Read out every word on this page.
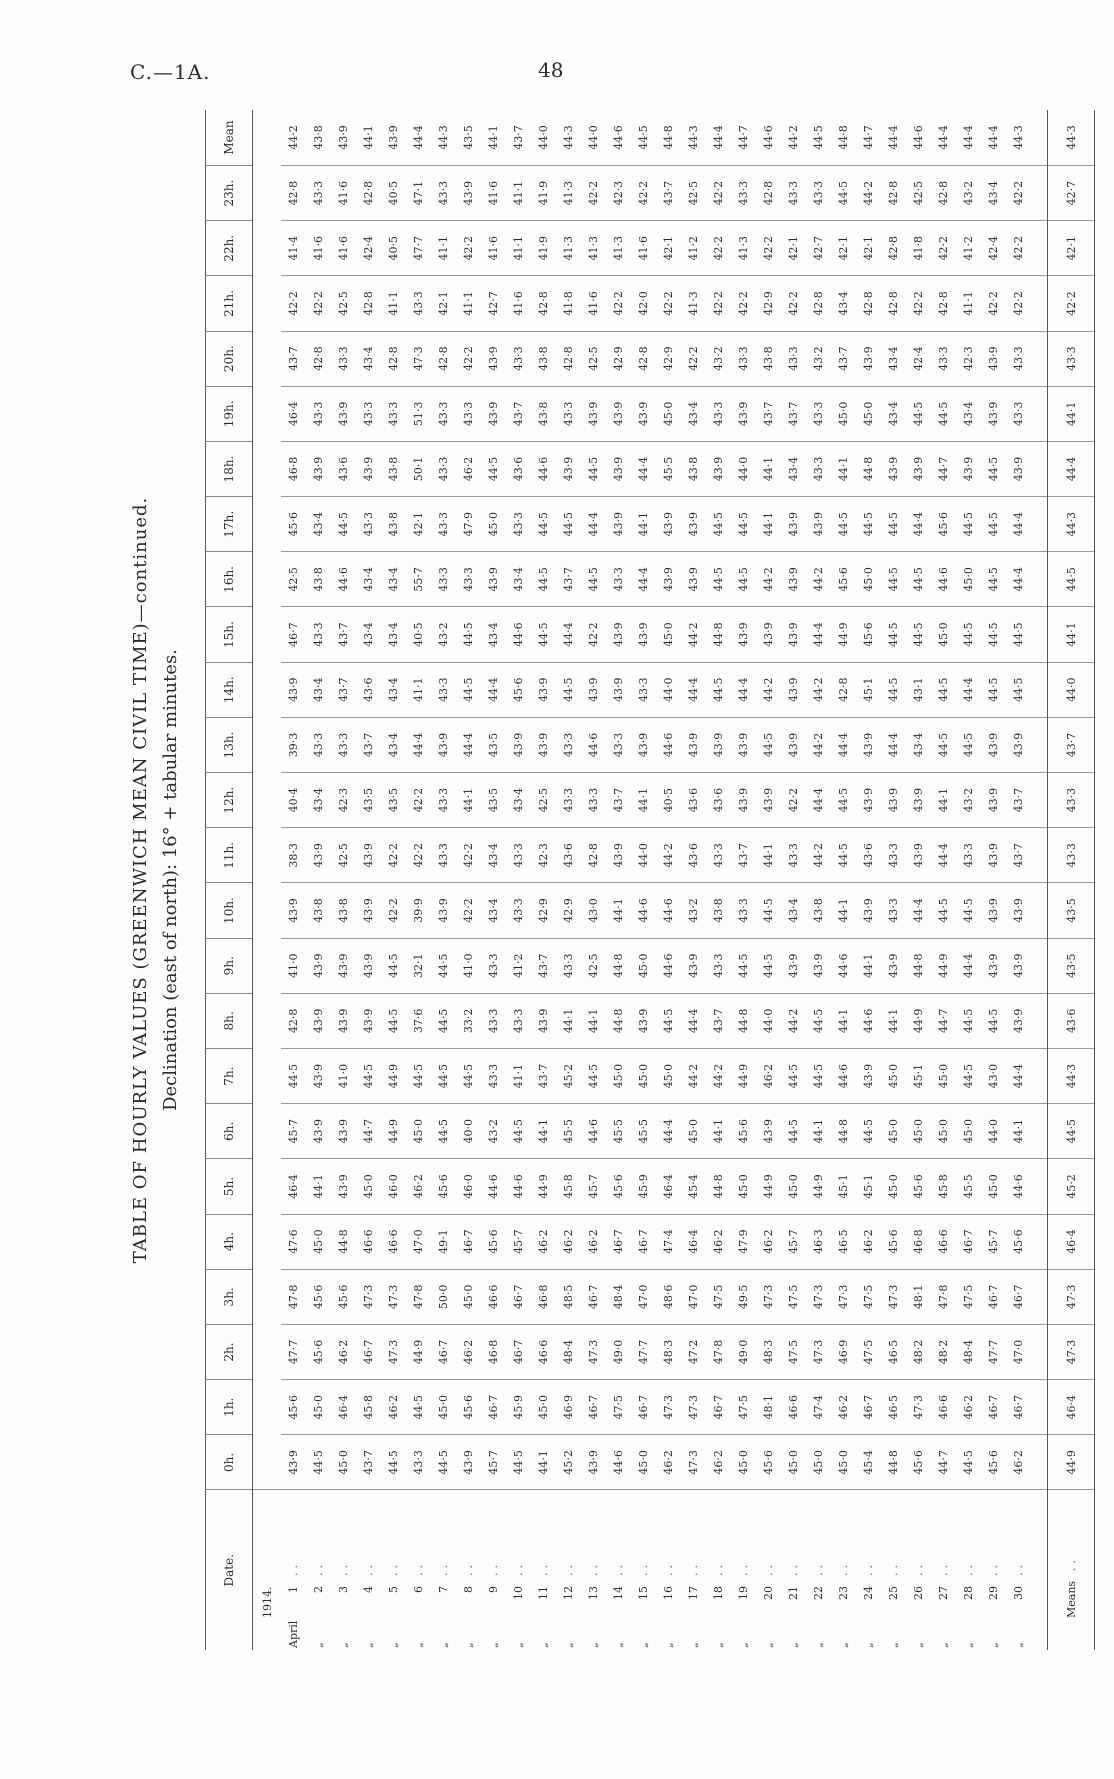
C.—1A.	48
TABLE OF HOURLY VALUES (GREENWICH MEAN CIVIL TIME)—continued. Declination (east of north): 16° + tabular minutes.
Date.	0h.	1h.	2h.	3h.	4h.	5h.	6h.	7h.	8h.	9h.	10h.	11h.	12h.	13h.	14h.	15h.	16h.	17h.	18h.	19h.	20h.	21h.	22h.	23h.	Mean
1914.																									
April1..	43·9	45·6	47·7	47·8	47·6	46·4	45·7	44·5	42·8	41·0	43·9	38·3	40·4	39·3	43·9	46·7	42·5	45·6	46·8	46·4	43·7	42·2	41·4	42·8	44·2
„2..	44·5	45·0	45·6	45·6	45·0	44·1	43·9	43·9	43·9	43·9	43·8	43·9	43·4	43·3	43·4	43·3	43·8	43·4	43·9	43·3	42·8	42·2	41·6	43·3	43·8
„3..	45·0	46·4	46·2	45·6	44·8	43·9	43·9	41·0	43·9	43·9	43·8	42·5	42·3	43·3	43·7	43·7	44·6	44·5	43·6	43·9	43·3	42·5	41·6	41·6	43·9
„4..	43·7	45·8	46·7	47·3	46·6	45·0	44·7	44·5	43·9	43·9	43·9	43·9	43·5	43·7	43·6	43·4	43·4	43·3	43·9	43·3	43·4	42·8	42·4	42·8	44·1
„5..	44·5	46·2	47·3	47·3	46·6	46·0	44·9	44·9	44·5	44·5	42·2	42·2	43·5	43·4	43·4	43·4	43·4	43·8	43·8	43·3	42·8	41·1	40·5	40·5	43·9
„6..	43·3	44·5	44·9	47·8	47·0	46·2	45·0	44·5	37·6	32·1	39·9	42·2	42·2	44·4	41·1	40·5	55·7	42·1	50·1	51·3	47·3	43·3	47·7	47·1	44·4
„7..	44·5	45·0	46·7	50·0	49·1	45·6	44·5	44·5	44·5	44·5	43·9	43·3	43·3	43·9	43·3	43·2	43·3	43·3	43·3	43·3	42·8	42·1	41·1	43·3	44·3
„8..	43·9	45·6	46·2	45·0	46·7	46·0	40·0	44·5	33·2	41·0	42·2	42·2	44·1	44·4	44·5	44·5	43·3	47·9	46·2	43·3	42·2	41·1	42·2	43·9	43·5
„9..	45·7	46·7	46·8	46·6	45·6	44·6	43·2	43·3	43·3	43·3	43·4	43·4	43·5	43·5	44·4	43·4	43·9	45·0	44·5	43·9	43·9	42·7	41·6	41·6	44·1
„10..	44·5	45·9	46·7	46·7	45·7	44·6	44·5	41·1	43·3	41·2	43·3	43·3	43·4	43·9	45·6	44·6	43·4	43·3	43·6	43·7	43·3	41·6	41·1	41·1	43·7
„11..	44·1	45·0	46·6	46·8	46·2	44·9	44·1	43·7	43·9	43·7	42·9	42·3	42·5	43·9	43·9	44·5	44·5	44·5	44·6	43·8	43·8	42·8	41·9	41·9	44·0
„12..	45·2	46·9	48·4	48·5	46·2	45·8	45·5	45·2	44·1	43·3	42·9	43·6	43·3	43·3	44·5	44·4	43·7	44·5	43·9	43·3	42·8	41·8	41·3	41·3	44·3
„13..	43·9	46·7	47·3	46·7	46·2	45·7	44·6	44·5	44·1	42·5	43·0	42·8	43·3	44·6	43·9	42·2	44·5	44·4	44·5	43·9	42·5	41·6	41·3	42·2	44·0
„14..	44·6	47·5	49·0	48·4	46·7	45·6	45·5	45·0	44·8	44·8	44·1	43·9	43·7	43·3	43·9	43·9	43·3	43·9	43·9	43·9	42·9	42·2	41·3	42·3	44·6
„15..	45·0	46·7	47·7	47·0	46·7	45·9	45·5	45·0	43·9	45·0	44·6	44·0	44·1	43·9	43·3	43·9	44·4	44·1	44·4	43·9	42·8	42·0	41·6	42·2	44·5
„16..	46·2	47·3	48·3	48·6	47·4	46·4	44·4	45·0	44·5	44·6	44·6	44·2	40·5	44·6	44·0	45·0	43·9	43·9	45·5	45·0	42·9	42·2	42·1	43·7	44·8
„17..	47·3	47·3	47·2	47·0	46·4	45·4	45·0	44·2	44·4	43·9	43·2	43·6	43·6	43·9	44·4	44·2	43·9	43·9	43·8	43·4	42·2	41·3	41·2	42·5	44·3
„18..	46·2	46·7	47·8	47·5	46·2	44·8	44·1	44·2	43·7	43·3	43·8	43·3	43·6	43·9	44·5	44·8	44·5	44·5	43·9	43·3	43·2	42·2	42·2	42·2	44·4
„19..	45·0	47·5	49·0	49·5	47·9	45·0	45·6	44·9	44·8	44·5	43·3	43·7	43·9	43·9	44·4	43·9	44·5	44·5	44·0	43·9	43·3	42·2	41·3	43·3	44·7
„20..	45·6	48·1	48·3	47·3	46·2	44·9	43·9	46·2	44·0	44·5	44·5	44·1	43·9	44·5	44·2	43·9	44·2	44·1	44·1	43·7	43·8	42·9	42·2	42·8	44·6
„21..	45·0	46·6	47·5	47·5	45·7	45·0	44·5	44·5	44·2	43·9	43·4	43·3	42·2	43·9	43·9	43·9	43·9	43·9	43·4	43·7	43·3	42·2	42·1	43·3	44·2
„22..	45·0	47·4	47·3	47·3	46·3	44·9	44·1	44·5	44·5	43·9	43·8	44·2	44·4	44·2	44·2	44·4	44·2	43·9	43·3	43·3	43·2	42·8	42·7	43·3	44·5
„23..	45·0	46·2	46·9	47·3	46·5	45·1	44·8	44·6	44·1	44·6	44·1	44·5	44·5	44·4	42·8	44·9	45·6	44·5	44·1	45·0	43·7	43·4	42·1	44·5	44·8
„24..	45·4	46·7	47·5	47·5	46·2	45·1	44·5	43·9	44·6	44·1	43·9	43·6	43·9	43·9	45·1	45·6	45·0	44·5	44·8	45·0	43·9	42·8	42·1	44·2	44·7
„25..	44·8	46·5	46·5	47·3	45·6	45·0	45·0	45·0	44·1	43·9	43·3	43·3	43·9	44·4	44·5	44·5	44·5	44·5	43·9	43·4	43·4	42·8	42·8	42·8	44·4
„26..	45·6	47·3	48·2	48·1	46·8	45·6	45·0	45·1	44·9	44·8	44·4	43·9	43·9	43·4	43·1	44·5	44·5	44·4	43·9	44·5	42·4	42·2	41·8	42·5	44·6
„27..	44·7	46·6	48·2	47·8	46·6	45·8	45·0	45·0	44·7	44·9	44·5	44·4	44·1	44·5	44·5	45·0	44·6	45·6	44·7	44·5	43·3	42·8	42·2	42·8	44·4
„28..	44·5	46·2	48·4	47·5	46·7	45·5	45·0	44·5	44·5	44·4	44·5	43·3	43·2	44·5	44·4	44·5	45·0	44·5	43·9	43·4	42·3	41·1	41·2	43·2	44·4
„29..	45·6	46·7	47·7	46·7	45·7	45·0	44·0	43·0	44·5	43·9	43·9	43·9	43·9	43·9	44·5	44·5	44·5	44·5	44·5	43·9	43·9	42·2	42·4	43·4	44·4
„30..	46·2	46·7	47·0	46·7	45·6	44·6	44·1	44·4	43·9	43·9	43·9	43·7	43·7	43·9	44·5	44·5	44·4	44·4	43·9	43·3	43·3	42·2	42·2	42·2	44·3

Means..	44·9	46·4	47·3	47·3	46·4	45·2	44·5	44·3	43·6	43·5	43·5	43·3	43·3	43·7	44·0	44·1	44·5	44·3	44·4	44·1	43·3	42·2	42·1	42·7	44·3
